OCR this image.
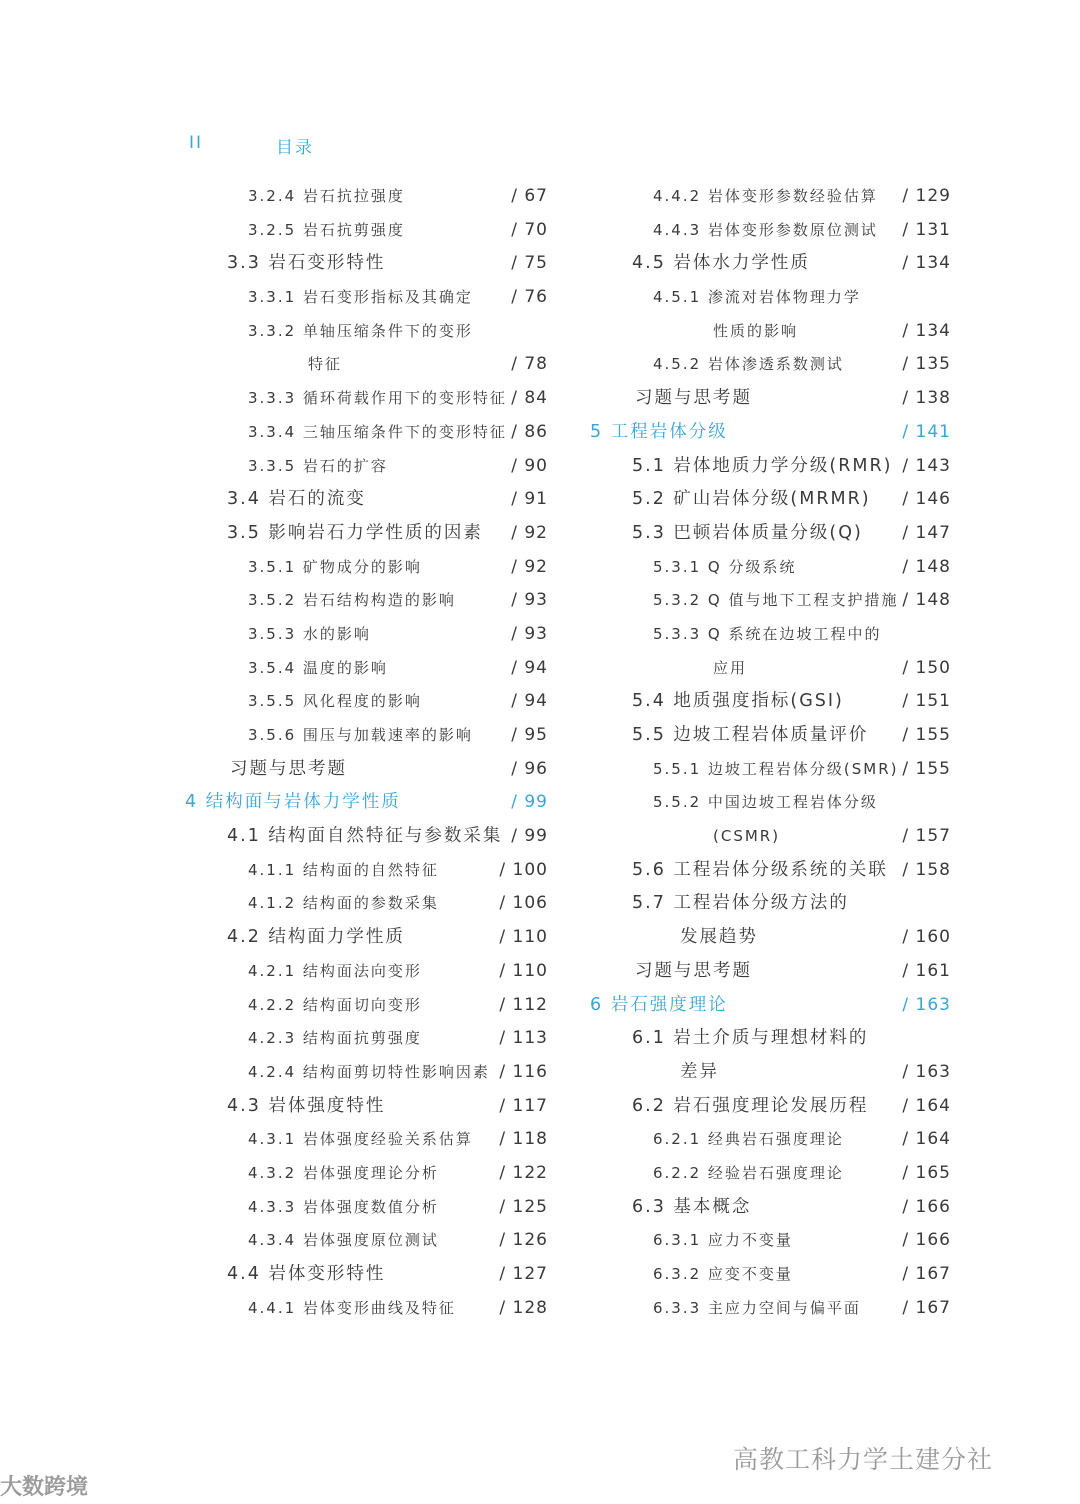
II	目录
3.2.4 岩石抗拉强度	/ 67
3.2.5 岩石抗剪强度	/ 70
3.3 岩石变形特性	/ 75
3.3.1 岩石变形指标及其确定 / 76
3.3.2 单轴压缩条件下的变形
特征	/ 78
3.3.3 循环荷载作用下的变形特征 / 84
3.3.4 三轴压缩条件下的变形特征 / 86
3.3.5 岩石的扩容	/ 90
3.4 岩石的流变	/ 91
3.5 影响岩石力学性质的因素 / 92
3.5.1 矿物成分的影响	/ 92
3.5.2 岩石结构构造的影响	/ 93
3.5.3 水的影响	/ 93
3.5.4 温度的影响	/ 94
3.5.5 风化程度的影响	/ 94
3.5.6 围压与加载速率的影响 / 95
习题与思考题	/ 96
4 结构面与岩体力学性质	/ 99
4.1 结构面自然特征与参数采集 / 99
4.1.1 结构面的自然特征	/ 100
4.1.2 结构面的参数采集	/ 106
4.2 结构面力学性质	/ 110
4.2.1 结构面法向变形	/ 110
4.2.2 结构面切向变形	/ 112
4.2.3 结构面抗剪强度	/ 113
4.2.4 结构面剪切特性影响因素 / 116
4.3 岩体强度特性	/ 117
4.3.1 岩体强度经验关系估算 / 118
4.3.2 岩体强度理论分析	/ 122
4.3.3 岩体强度数值分析	/ 125
4.3.4 岩体强度原位测试	/ 126
4.4 岩体变形特性	/ 127
4.4.1 岩体变形曲线及特征	/ 128
4.4.2 岩体变形参数经验估算 / 129
4.4.3 岩体变形参数原位测试 / 131
4.5 岩体水力学性质	/ 134
4.5.1 渗流对岩体物理力学
性质的影响	/ 134
4.5.2 岩体渗透系数测试	/ 135
习题与思考题	/ 138
5 工程岩体分级	/ 141
5.1 岩体地质力学分级(RMR) / 143
5.2 矿山岩体分级(MRMR) / 146
5.3 巴顿岩体质量分级(Q) / 147
5.3.1 Q 分级系统	/ 148
5.3.2 Q 值与地下工程支护措施 / 148
5.3.3 Q 系统在边坡工程中的
应用	/ 150
5.4 地质强度指标(GSI)	/ 151
5.5 边坡工程岩体质量评价 / 155
5.5.1 边坡工程岩体分级(SMR) / 155
5.5.2 中国边坡工程岩体分级
(CSMR)	/ 157
5.6 工程岩体分级系统的关联 / 158
5.7 工程岩体分级方法的
发展趋势	/ 160
习题与思考题	/ 161
6 岩石强度理论	/ 163
6.1 岩土介质与理想材料的
差异	/ 163
6.2 岩石强度理论发展历程 / 164
6.2.1 经典岩石强度理论	/ 164
6.2.2 经验岩石强度理论	/ 165
6.3 基本概念	/ 166
6.3.1 应力不变量	/ 166
6.3.2 应变不变量	/ 167
6.3.3 主应力空间与偏平面 / 167
大数跨境
高教工科力学土建分社
